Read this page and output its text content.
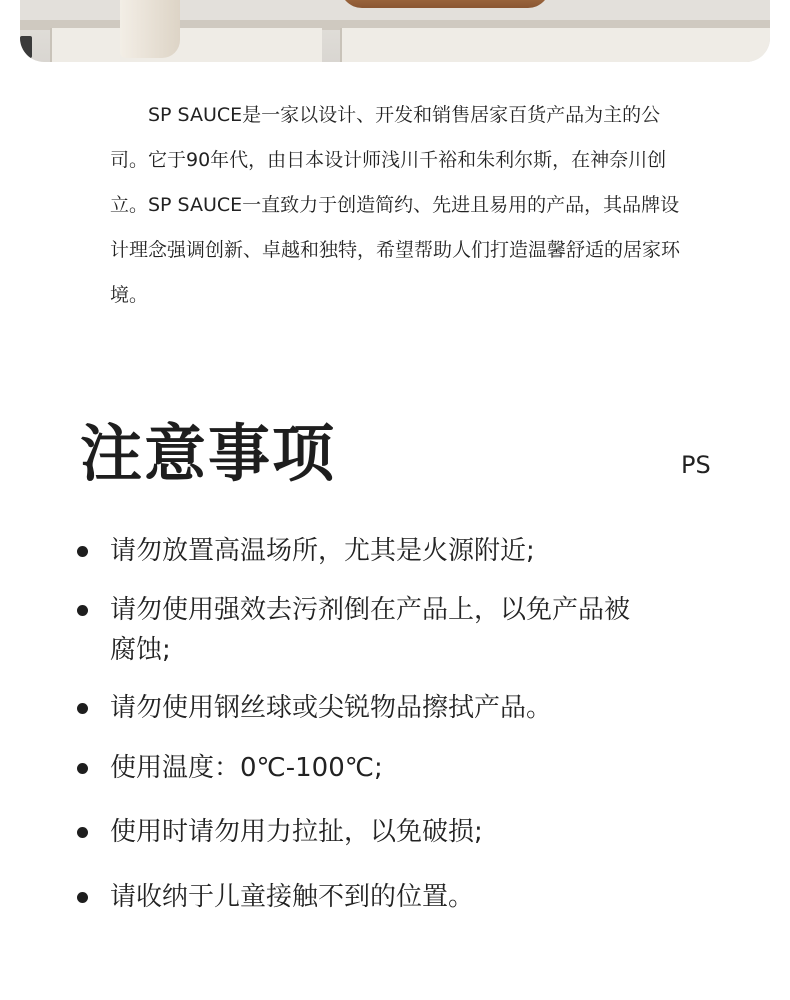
SP SAUCE是一家以设计、开发和销售居家百货产品为主的公司。它于90年代，由日本设计师浅川千裕和朱利尔斯，在神奈川创立。SP SAUCE一直致力于创造简约、先进且易用的产品，其品牌设计理念强调创新、卓越和独特，希望帮助人们打造温馨舒适的居家环境。

注意事项	PS
请勿放置高温场所，尤其是火源附近;
请勿使用强效去污剂倒在产品上，以免产品被腐蚀;
请勿使用钢丝球或尖锐物品擦拭产品。
使用温度：0℃-100℃;
使用时请勿用力拉扯，以免破损;
请收纳于儿童接触不到的位置。
